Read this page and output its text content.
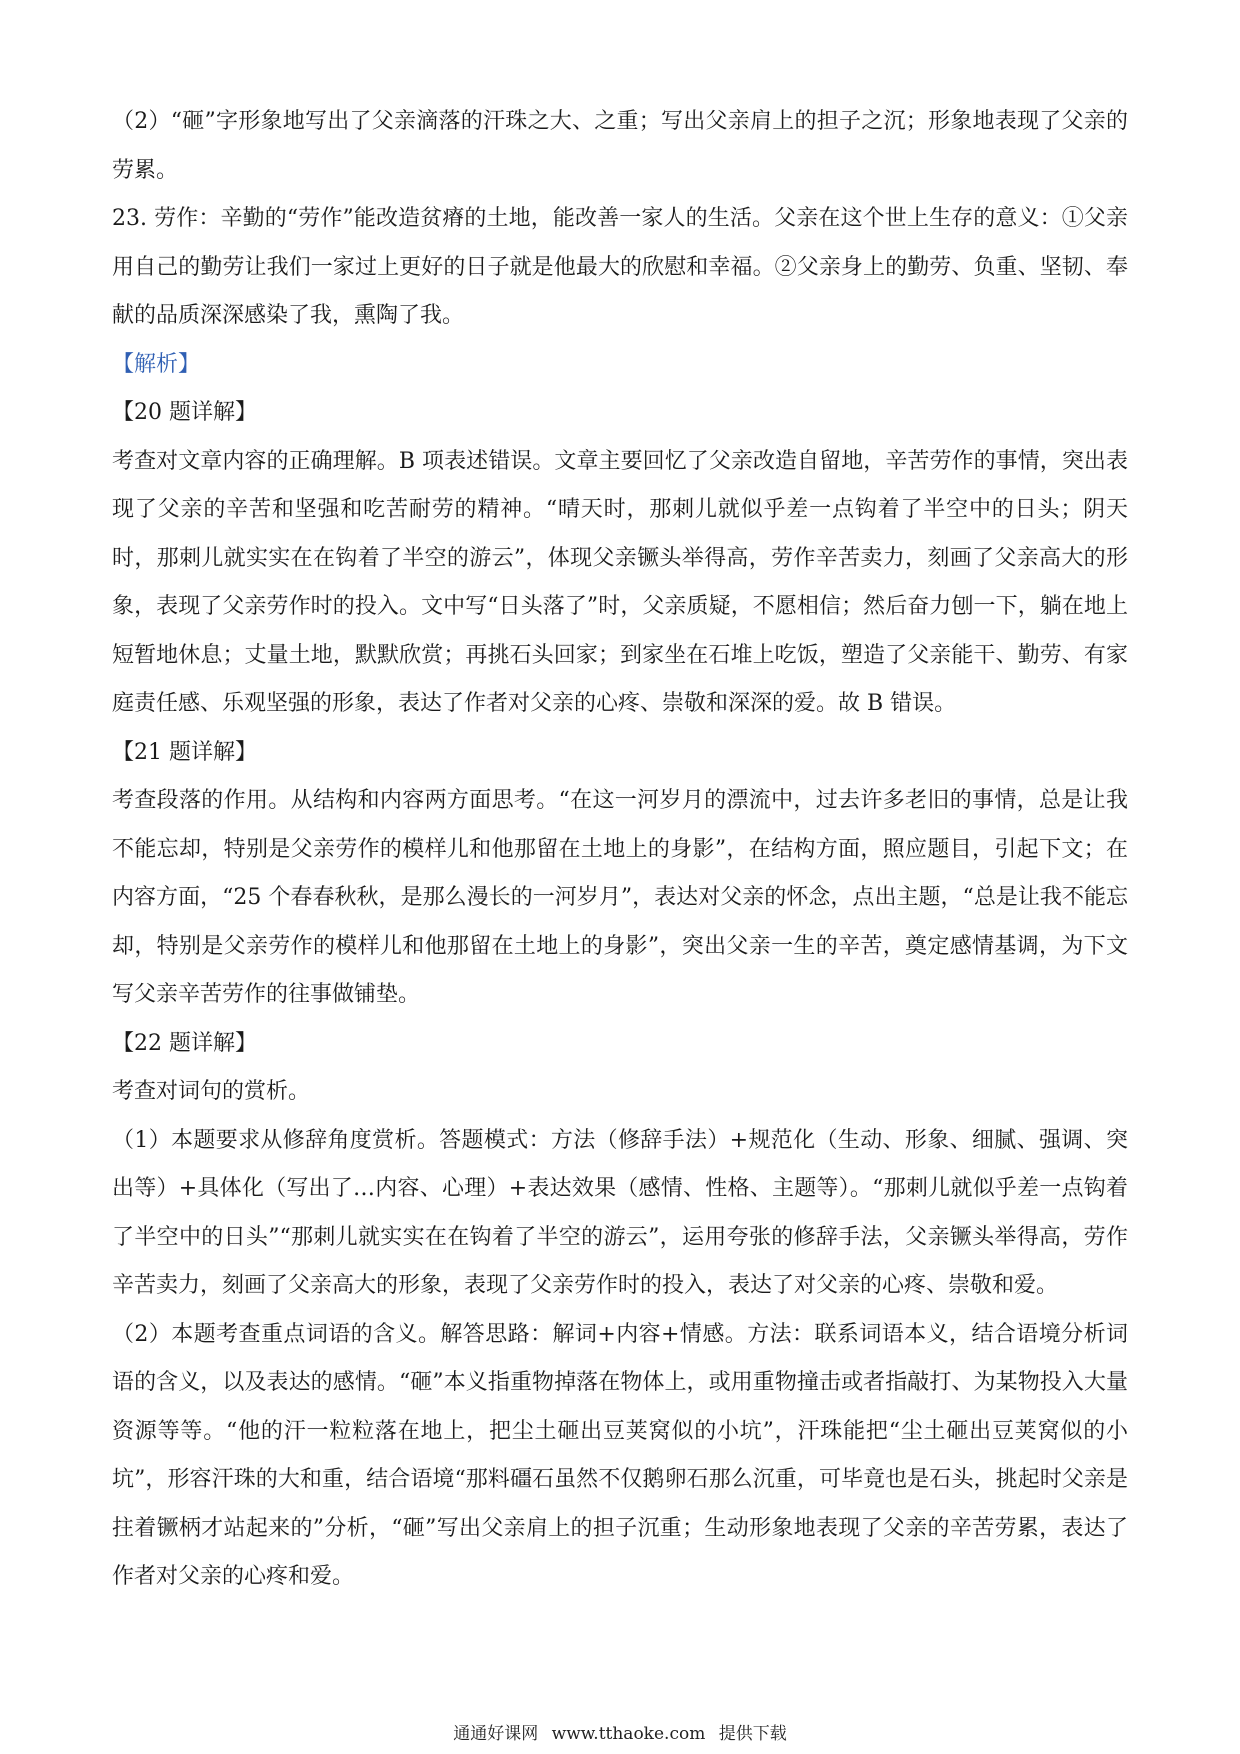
（2）“砸”字形象地写出了父亲滴落的汗珠之大、之重；写出父亲肩上的担子之沉；形象地表现了父亲的劳累。

23. 劳作：辛勤的“劳作”能改造贫瘠的土地，能改善一家人的生活。父亲在这个世上生存的意义：①父亲用自己的勤劳让我们一家过上更好的日子就是他最大的欣慰和幸福。②父亲身上的勤劳、负重、坚韧、奉献的品质深深感染了我，熏陶了我。

【解析】

【20 题详解】

考查对文章内容的正确理解。B 项表述错误。文章主要回忆了父亲改造自留地，辛苦劳作的事情，突出表现了父亲的辛苦和坚强和吃苦耐劳的精神。“晴天时，那刺儿就似乎差一点钩着了半空中的日头；阴天时，那刺儿就实实在在钩着了半空的游云”，体现父亲镢头举得高，劳作辛苦卖力，刻画了父亲高大的形象，表现了父亲劳作时的投入。文中写“日头落了”时，父亲质疑，不愿相信；然后奋力刨一下，躺在地上短暂地休息；丈量土地，默默欣赏；再挑石头回家；到家坐在石堆上吃饭，塑造了父亲能干、勤劳、有家庭责任感、乐观坚强的形象，表达了作者对父亲的心疼、崇敬和深深的爱。故 B 错误。

【21 题详解】

考查段落的作用。从结构和内容两方面思考。“在这一河岁月的漂流中，过去许多老旧的事情，总是让我不能忘却，特别是父亲劳作的模样儿和他那留在土地上的身影”，在结构方面，照应题目，引起下文；在内容方面，“25 个春春秋秋，是那么漫长的一河岁月”，表达对父亲的怀念，点出主题，“总是让我不能忘却，特别是父亲劳作的模样儿和他那留在土地上的身影”，突出父亲一生的辛苦，奠定感情基调，为下文写父亲辛苦劳作的往事做铺垫。

【22 题详解】

考查对词句的赏析。

（1）本题要求从修辞角度赏析。答题模式：方法（修辞手法）+规范化（生动、形象、细腻、强调、突出等）+具体化（写出了…内容、心理）+表达效果（感情、性格、主题等）。“那刺儿就似乎差一点钩着了半空中的日头”“那刺儿就实实在在钩着了半空的游云”，运用夸张的修辞手法，父亲镢头举得高，劳作辛苦卖力，刻画了父亲高大的形象，表现了父亲劳作时的投入，表达了对父亲的心疼、崇敬和爱。

（2）本题考查重点词语的含义。解答思路：解词+内容+情感。方法：联系词语本义，结合语境分析词语的含义，以及表达的感情。“砸”本义指重物掉落在物体上，或用重物撞击或者指敲打、为某物投入大量资源等等。“他的汗一粒粒落在地上，把尘土砸出豆荚窝似的小坑”，汗珠能把“尘土砸出豆荚窝似的小坑”，形容汗珠的大和重，结合语境“那料礓石虽然不仅鹅卵石那么沉重，可毕竟也是石头，挑起时父亲是拄着镢柄才站起来的”分析，“砸”写出父亲肩上的担子沉重；生动形象地表现了父亲的辛苦劳累，表达了作者对父亲的心疼和爱。

通通好课网 www.tthaoke.com 提供下载
